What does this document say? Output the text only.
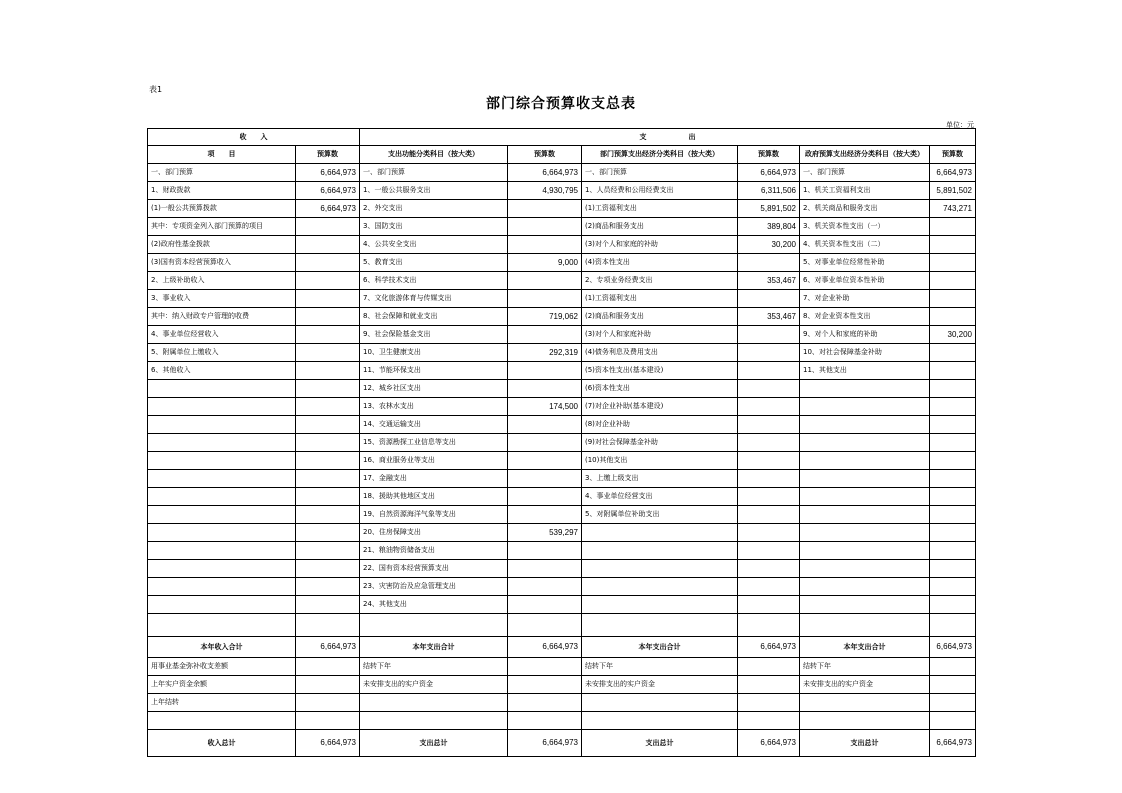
表1
部门综合预算收支总表
单位：元
收　　入		支　　　　　　出					
项　　目	预算数	支出功能分类科目（按大类）	预算数	部门预算支出经济分类科目（按大类）	预算数	政府预算支出经济分类科目（按大类）	预算数
一、部门预算	6,664,973	一、部门预算	6,664,973	一、部门预算	6,664,973	一、部门预算	6,664,973
1、财政拨款	6,664,973	1、一般公共服务支出	4,930,795	1、人员经费和公用经费支出	6,311,506	1、机关工资福利支出	5,891,502
(1)一般公共预算拨款	6,664,973	2、外交支出		(1)工资福利支出	5,891,502	2、机关商品和服务支出	743,271
其中：专项资金列入部门预算的项目		3、国防支出		(2)商品和服务支出	389,804	3、机关资本性支出（一）	
(2)政府性基金拨款		4、公共安全支出		(3)对个人和家庭的补助	30,200	4、机关资本性支出（二）	
(3)国有资本经营预算收入		5、教育支出	9,000	(4)资本性支出		5、对事业单位经常性补助	
2、上级补助收入		6、科学技术支出		2、专项业务经费支出	353,467	6、对事业单位资本性补助	
3、事业收入		7、文化旅游体育与传媒支出		(1)工资福利支出		7、对企业补助	
其中：纳入财政专户管理的收费		8、社会保障和就业支出	719,062	(2)商品和服务支出	353,467	8、对企业资本性支出	
4、事业单位经营收入		9、社会保险基金支出		(3)对个人和家庭补助		9、对个人和家庭的补助	30,200
5、附属单位上缴收入		10、卫生健康支出	292,319	(4)债务利息及费用支出		10、对社会保障基金补助	
6、其他收入		11、节能环保支出		(5)资本性支出(基本建设)		11、其他支出	
		12、城乡社区支出		(6)资本性支出			
		13、农林水支出	174,500	(7)对企业补助(基本建设)			
		14、交通运输支出		(8)对企业补助			
		15、资源勘探工业信息等支出		(9)对社会保障基金补助			
		16、商业服务业等支出		(10)其他支出			
		17、金融支出		3、上缴上级支出			
		18、援助其他地区支出		4、事业单位经营支出			
		19、自然资源海洋气象等支出		5、对附属单位补助支出			
		20、住房保障支出	539,297				
		21、粮油物资储备支出					
		22、国有资本经营预算支出					
		23、灾害防治及应急管理支出					
		24、其他支出					

本年收入合计	6,664,973	本年支出合计	6,664,973	本年支出合计	6,664,973	本年支出合计	6,664,973
用事业基金弥补收支差额		结转下年		结转下年		结转下年	
上年实户资金余额		未安排支出的实户资金		未安排支出的实户资金		未安排支出的实户资金	
上年结转							

收入总计	6,664,973	支出总计	6,664,973	支出总计	6,664,973	支出总计	6,664,973
